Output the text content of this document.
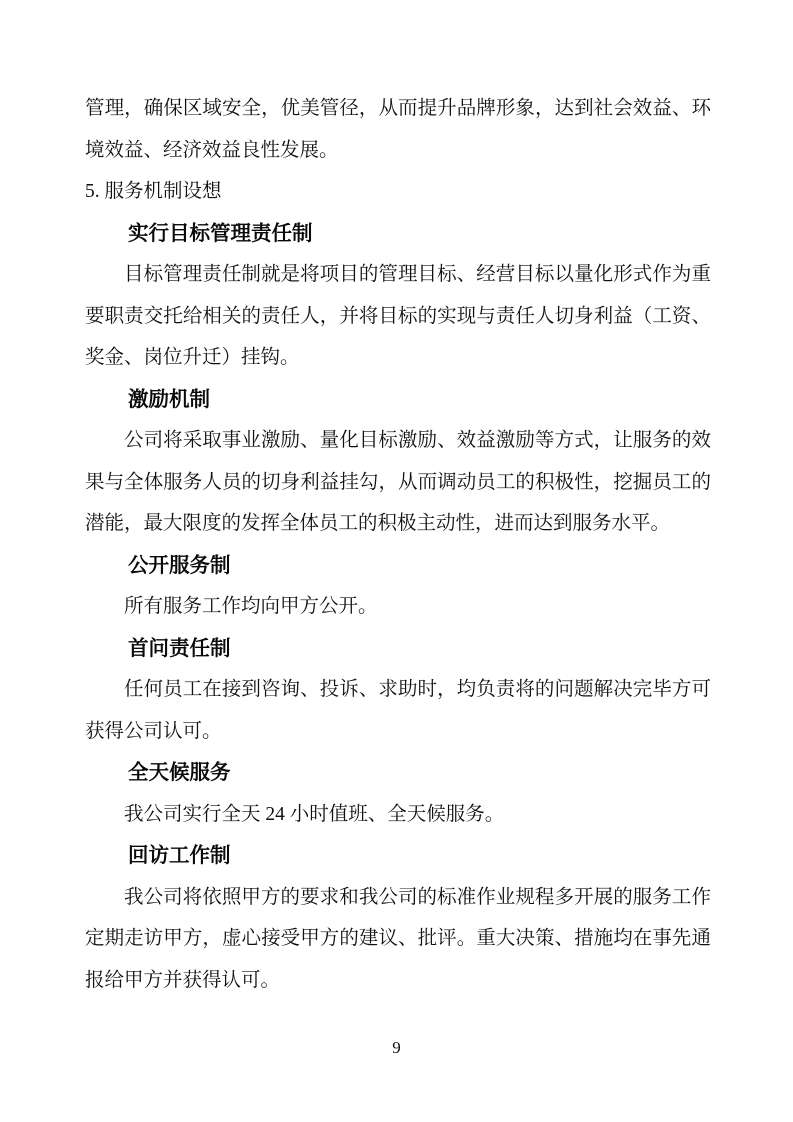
管理，确保区域安全，优美管径，从而提升品牌形象，达到社会效益、环境效益、经济效益良性发展。

5. 服务机制设想

实行目标管理责任制

目标管理责任制就是将项目的管理目标、经营目标以量化形式作为重要职责交托给相关的责任人，并将目标的实现与责任人切身利益（工资、奖金、岗位升迁）挂钩。

激励机制

公司将采取事业激励、量化目标激励、效益激励等方式，让服务的效果与全体服务人员的切身利益挂勾，从而调动员工的积极性，挖掘员工的潜能，最大限度的发挥全体员工的积极主动性，进而达到服务水平。

公开服务制

所有服务工作均向甲方公开。

首问责任制

任何员工在接到咨询、投诉、求助时，均负责将的问题解决完毕方可获得公司认可。

全天候服务

我公司实行全天 24 小时值班、全天候服务。

回访工作制

我公司将依照甲方的要求和我公司的标准作业规程多开展的服务工作定期走访甲方，虚心接受甲方的建议、批评。重大决策、措施均在事先通报给甲方并获得认可。

9
